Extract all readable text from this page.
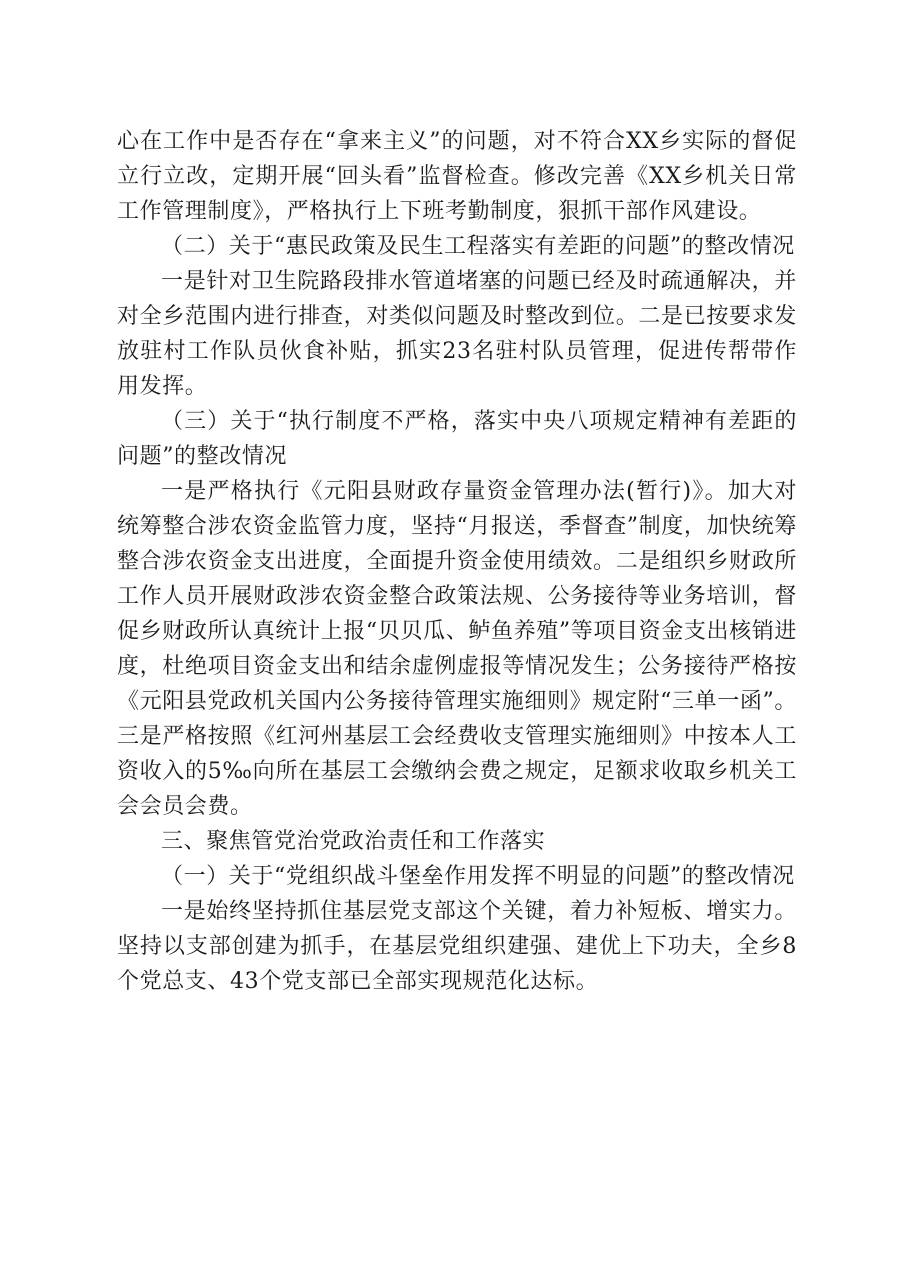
心在工作中是否存在“拿来主义”的问题，对不符合XX乡实际的督促立行立改，定期开展“回头看”监督检查。修改完善《XX乡机关日常工作管理制度》，严格执行上下班考勤制度，狠抓干部作风建设。

（二）关于“惠民政策及民生工程落实有差距的问题”的整改情况

一是针对卫生院路段排水管道堵塞的问题已经及时疏通解决，并对全乡范围内进行排查，对类似问题及时整改到位。二是已按要求发放驻村工作队员伙食补贴，抓实23名驻村队员管理，促进传帮带作用发挥。

（三）关于“执行制度不严格，落实中央八项规定精神有差距的问题”的整改情况

一是严格执行《元阳县财政存量资金管理办法(暂行)》。加大对统筹整合涉农资金监管力度，坚持“月报送，季督查”制度，加快统筹整合涉农资金支出进度，全面提升资金使用绩效。二是组织乡财政所工作人员开展财政涉农资金整合政策法规、公务接待等业务培训，督促乡财政所认真统计上报“贝贝瓜、鲈鱼养殖”等项目资金支出核销进度，杜绝项目资金支出和结余虚例虚报等情况发生；公务接待严格按《元阳县党政机关国内公务接待管理实施细则》规定附“三单一函”。三是严格按照《红河州基层工会经费收支管理实施细则》中按本人工资收入的5‰向所在基层工会缴纳会费之规定，足额求收取乡机关工会会员会费。

三、聚焦管党治党政治责任和工作落实

（一）关于“党组织战斗堡垒作用发挥不明显的问题”的整改情况

一是始终坚持抓住基层党支部这个关键，着力补短板、增实力。坚持以支部创建为抓手，在基层党组织建强、建优上下功夫，全乡8个党总支、43个党支部已全部实现规范化达标。
